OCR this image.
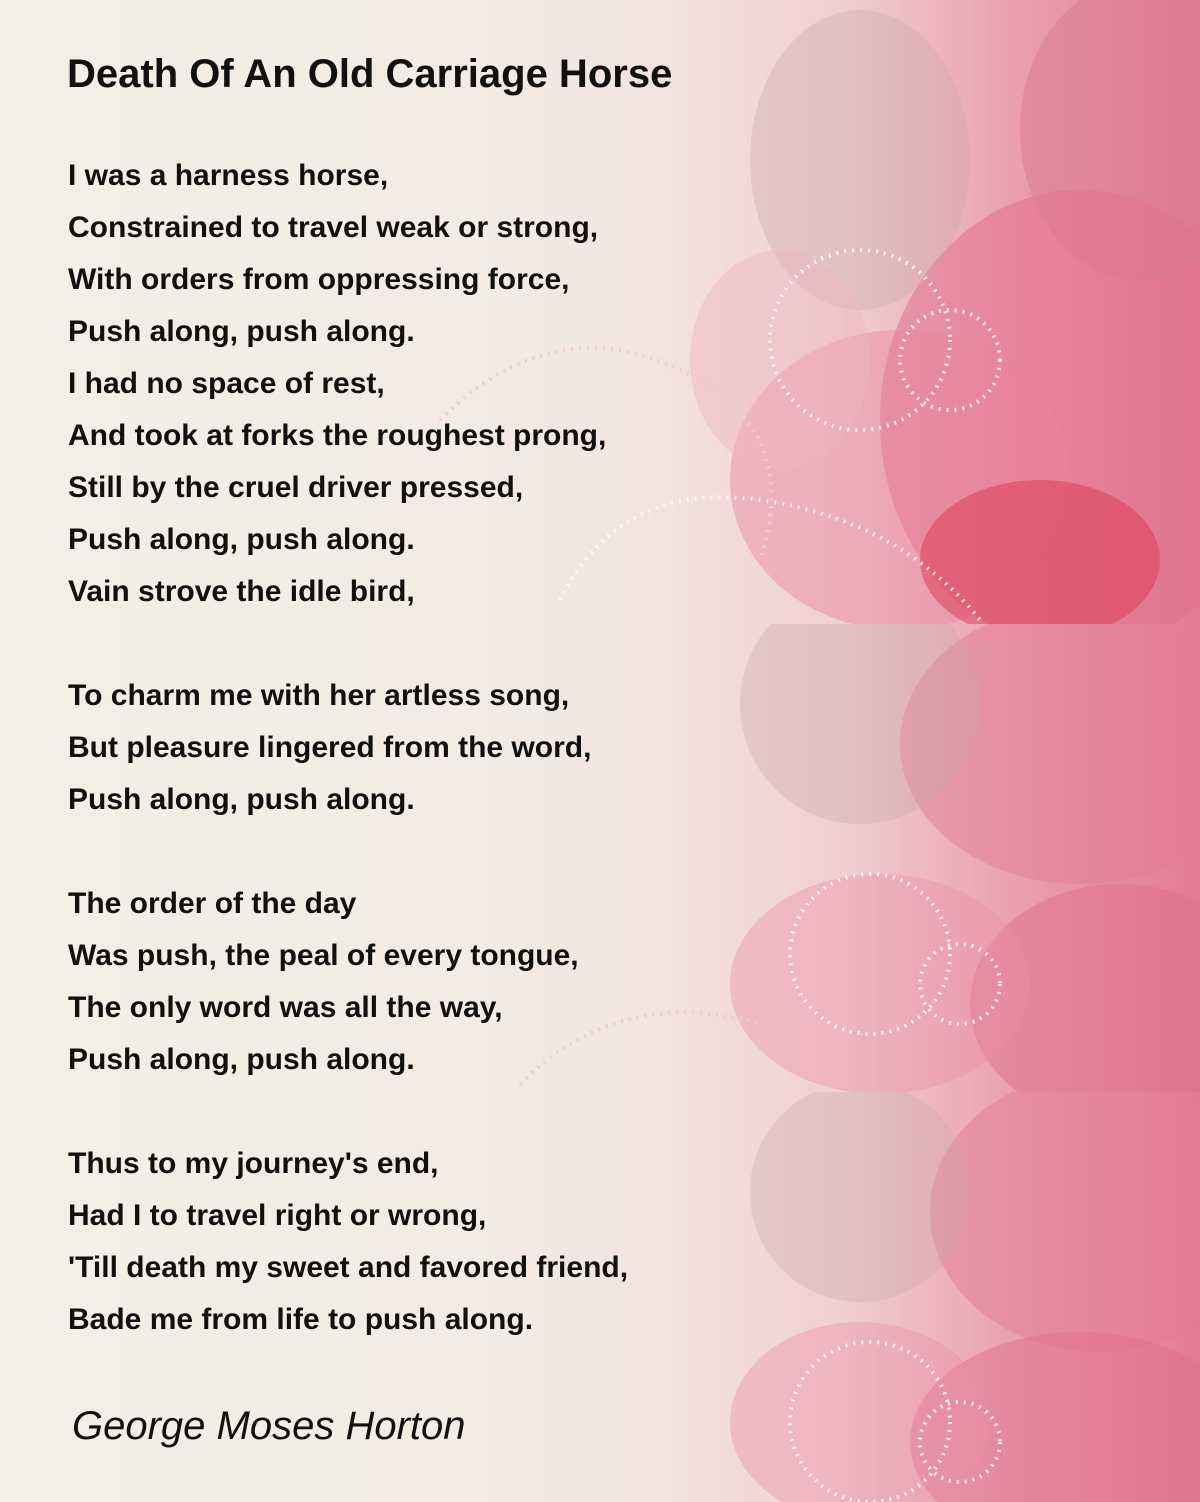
Death Of An Old Carriage Horse

I was a harness horse,

Constrained to travel weak or strong,

With orders from oppressing force,

Push along, push along.

I had no space of rest,

And took at forks the roughest prong,

Still by the cruel driver pressed,

Push along, push along.

Vain strove the idle bird,

To charm me with her artless song,

But pleasure lingered from the word,

Push along, push along.

The order of the day

Was push, the peal of every tongue,

The only word was all the way,

Push along, push along.

Thus to my journey's end,

Had I to travel right or wrong,

'Till death my sweet and favored friend,

Bade me from life to push along.

George Moses Horton
